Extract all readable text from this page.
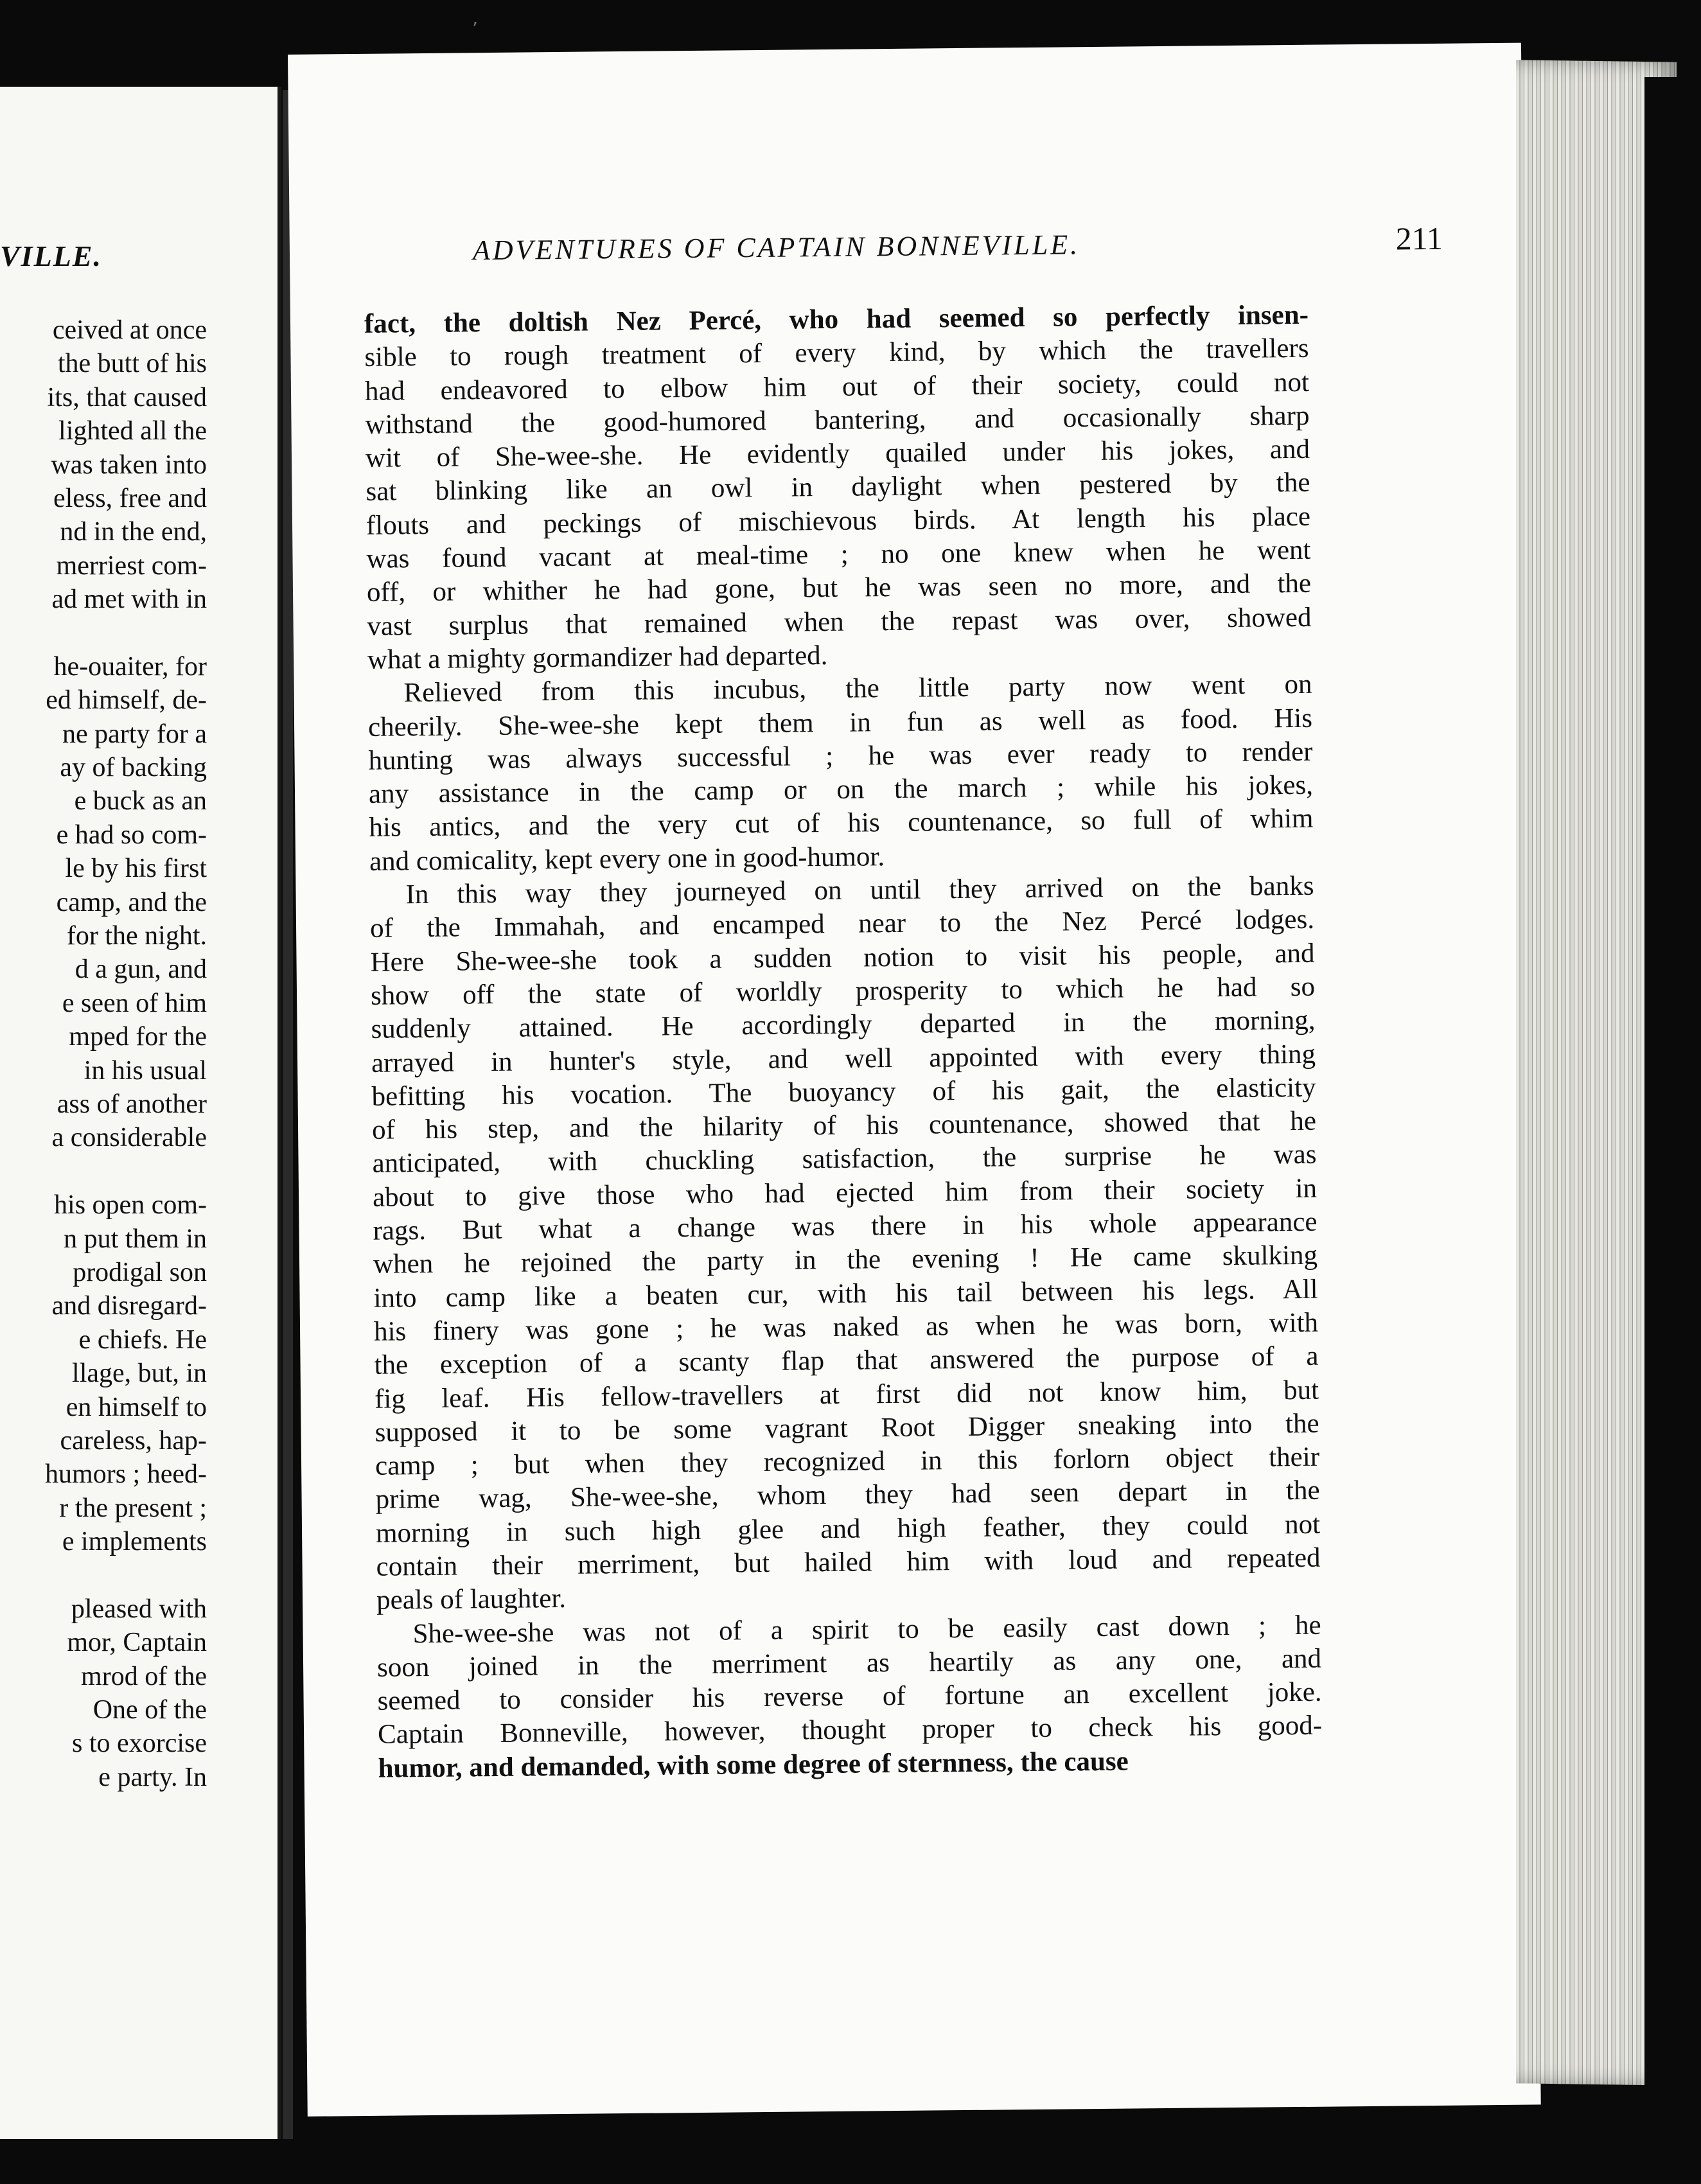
’
VILLE.
ceived at once
the butt of his
its, that caused
lighted all the
was taken into
eless, free and
nd in the end,
merriest com-
ad met with in
he-ouaiter, for
ed himself, de-
ne party for a
ay of backing
e buck as an
e had so com-
le by his first
camp, and the
for the night.
d a gun, and
e seen of him
mped for the
in his usual
ass of another
a considerable
his open com-
n put them in
prodigal son
and disregard-
e chiefs. He
llage, but, in
en himself to
careless, hap-
humors ; heed-
r the present ;
e implements
pleased with
mor, Captain
mrod of the
One of the
s to exorcise
e party. In
ADVENTURES OF CAPTAIN BONNEVILLE.	211
fact, the doltish Nez Percé, who had seemed so perfectly insen-
sible to rough treatment of every kind, by which the travellers
had endeavored to elbow him out of their society, could not
withstand the good-humored bantering, and occasionally sharp
wit of She-wee-she. He evidently quailed under his jokes, and
sat blinking like an owl in daylight when pestered by the
flouts and peckings of mischievous birds. At length his place
was found vacant at meal-time ; no one knew when he went
off, or whither he had gone, but he was seen no more, and the
vast surplus that remained when the repast was over, showed
what a mighty gormandizer had departed.
Relieved from this incubus, the little party now went on
cheerily. She-wee-she kept them in fun as well as food. His
hunting was always successful ; he was ever ready to render
any assistance in the camp or on the march ; while his jokes,
his antics, and the very cut of his countenance, so full of whim
and comicality, kept every one in good-humor.
In this way they journeyed on until they arrived on the banks
of the Immahah, and encamped near to the Nez Percé lodges.
Here She-wee-she took a sudden notion to visit his people, and
show off the state of worldly prosperity to which he had so
suddenly attained. He accordingly departed in the morning,
arrayed in hunter's style, and well appointed with every thing
befitting his vocation. The buoyancy of his gait, the elasticity
of his step, and the hilarity of his countenance, showed that he
anticipated, with chuckling satisfaction, the surprise he was
about to give those who had ejected him from their society in
rags. But what a change was there in his whole appearance
when he rejoined the party in the evening ! He came skulking
into camp like a beaten cur, with his tail between his legs. All
his finery was gone ; he was naked as when he was born, with
the exception of a scanty flap that answered the purpose of a
fig leaf. His fellow-travellers at first did not know him, but
supposed it to be some vagrant Root Digger sneaking into the
camp ; but when they recognized in this forlorn object their
prime wag, She-wee-she, whom they had seen depart in the
morning in such high glee and high feather, they could not
contain their merriment, but hailed him with loud and repeated
peals of laughter.
She-wee-she was not of a spirit to be easily cast down ; he
soon joined in the merriment as heartily as any one, and
seemed to consider his reverse of fortune an excellent joke.
Captain Bonneville, however, thought proper to check his good-
humor, and demanded, with some degree of sternness, the cause
